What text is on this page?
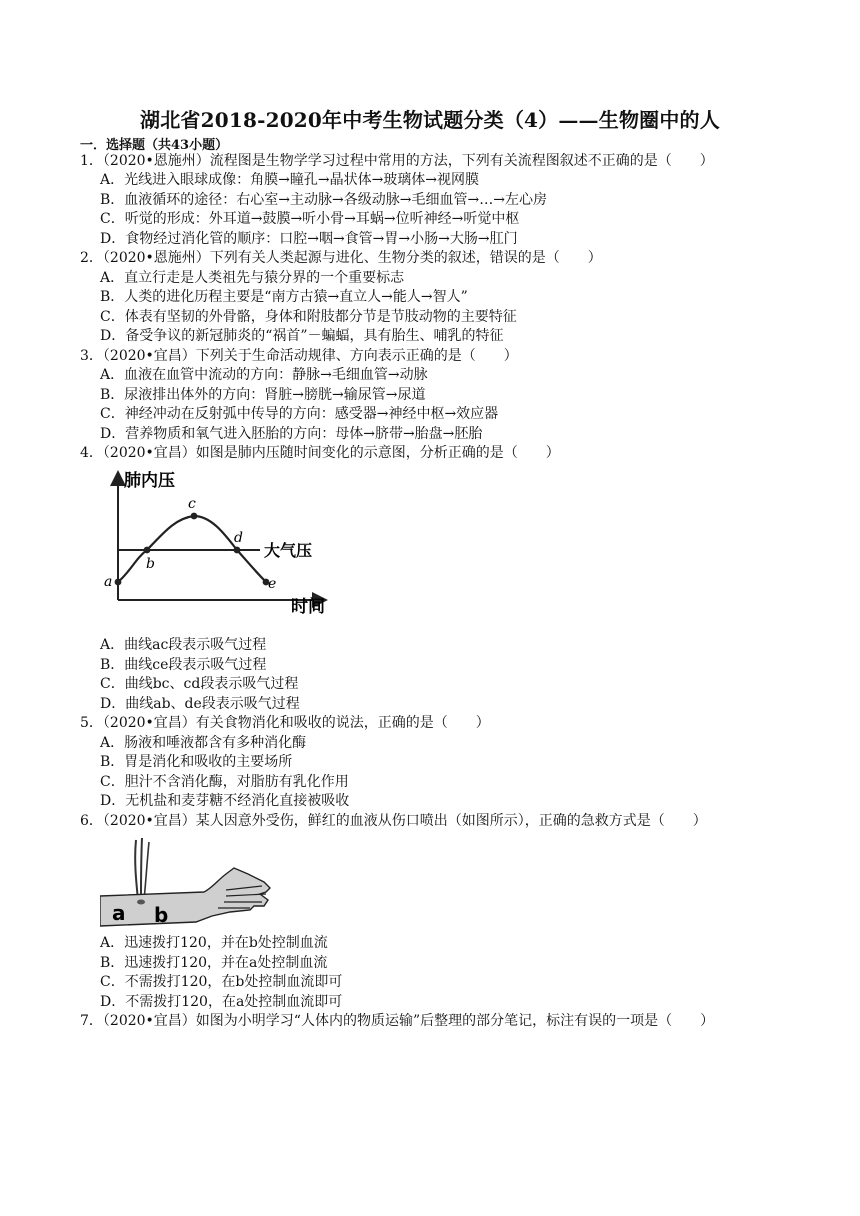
湖北省2018-2020年中考生物试题分类（4）——生物圈中的人
一．选择题（共43小题）
1．（2020•恩施州）流程图是生物学学习过程中常用的方法，下列有关流程图叙述不正确的是（　　）
A．光线进入眼球成像：角膜→瞳孔→晶状体→玻璃体→视网膜
B．血液循环的途径：右心室→主动脉→各级动脉→毛细血管→…→左心房
C．听觉的形成：外耳道→鼓膜→听小骨→耳蜗→位听神经→听觉中枢
D．食物经过消化管的顺序：口腔→咽→食管→胃→小肠→大肠→肛门
2．（2020•恩施州）下列有关人类起源与进化、生物分类的叙述，错误的是（　　）
A．直立行走是人类祖先与猿分界的一个重要标志
B．人类的进化历程主要是“南方古猿→直立人→能人→智人”
C．体表有坚韧的外骨骼，身体和附肢都分节是节肢动物的主要特征
D．备受争议的新冠肺炎的“祸首”－蝙蝠，具有胎生、哺乳的特征
3．（2020•宜昌）下列关于生命活动规律、方向表示正确的是（　　）
A．血液在血管中流动的方向：静脉→毛细血管→动脉
B．尿液排出体外的方向：肾脏→膀胱→输尿管→尿道
C．神经冲动在反射弧中传导的方向：感受器→神经中枢→效应器
D．营养物质和氧气进入胚胎的方向：母体→脐带→胎盘→胚胎
4．（2020•宜昌）如图是肺内压随时间变化的示意图，分析正确的是（　　）
肺内压
时间
大气压
a
b
c
d
e
A．曲线ac段表示吸气过程
B．曲线ce段表示吸气过程
C．曲线bc、cd段表示吸气过程
D．曲线ab、de段表示吸气过程
5．（2020•宜昌）有关食物消化和吸收的说法，正确的是（　　）
A．肠液和唾液都含有多种消化酶
B．胃是消化和吸收的主要场所
C．胆汁不含消化酶，对脂肪有乳化作用
D．无机盐和麦芽糖不经消化直接被吸收
6．（2020•宜昌）某人因意外受伤，鲜红的血液从伤口喷出（如图所示），正确的急救方式是（　　）
a b
A．迅速拨打120，并在b处控制血流
B．迅速拨打120，并在a处控制血流
C．不需拨打120，在b处控制血流即可
D．不需拨打120，在a处控制血流即可
7．（2020•宜昌）如图为小明学习“人体内的物质运输”后整理的部分笔记，标注有误的一项是（　　）
